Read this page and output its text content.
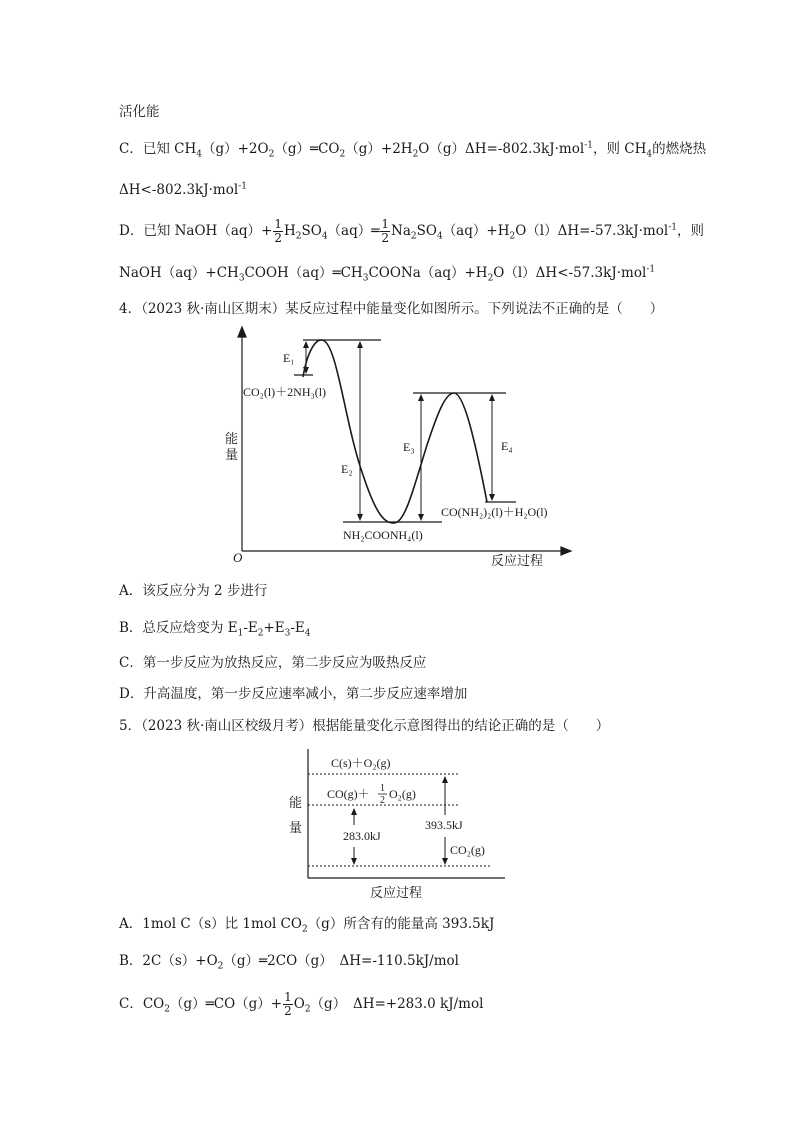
活化能
C．已知 $CH_4(g)+2O_2(g)═CO_2(g)+2H_2O(g)\Delta H=-802.3kJ\cdot mol^{-1}$，则 $CH_4$的燃烧热
ΔH<-802.3kJ·mol$^{-1}$
D．已知 NaOH（aq）+ $\frac{1}{2}$ $H_2SO_4(aq)═ \frac{1}{2} Na_2SO_4(aq)+H_2O(l)\Delta H=-57.3kJ\cdot mol^{-1}$，则
$NaOH(aq)+CH_3COOH(aq)═CH_3COONa(aq)+H_2O(l)\Delta H<-57.3kJ\cdot mol^{-1}$
4．（2023 秋·南山区期末）某反应过程中能量变化如图所示。下列说法不正确的是（　　）
E₁
E₂
E₃	E₄
CO₂(l)＋2NH₃(l)
NH₂COONH₄(l)
CO(NH₂)₂(l)＋H₂O(l)
能
量
O	反应过程
A．该反应分为 2 步进行
B．总反应焓变为 $E_1-E_2+E_3-E_4$
C．第一步反应为放热反应，第二步反应为吸热反应
D．升高温度，第一步反应速率减小，第二步反应速率增加
5．（2023 秋·南山区校级月考）根据能量变化示意图得出的结论正确的是（　　）
C(s)＋O₂(g)
CO(g)＋ 1
2 O₂(g)
283.0kJ
393.5kJ
CO₂(g)
能
量
反应过程
A．1mol C（s）比 1mol $CO_2(g)$所含有的能量高 393.5kJ
B．$2C(s)+O_2(g)═2CO(g)$　ΔH=-110.5kJ/mol
C．$CO_2(g)═CO(g)+ \frac{1}{2} O_2(g)$　ΔH=+283.0 kJ/mol
